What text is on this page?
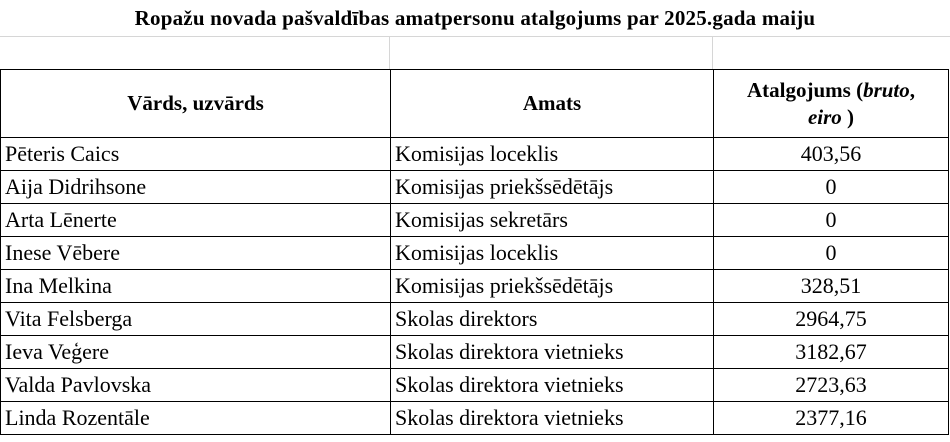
Ropažu novada pašvaldības amatpersonu atalgojums par 2025.gada maiju
Vārds, uzvārds	Amats	Atalgojums (bruto,
eiro )
Pēteris Caics	Komisijas loceklis	403,56
Aija Didrihsone	Komisijas priekšsēdētājs	0
Arta Lēnerte	Komisijas sekretārs	0
Inese Vēbere	Komisijas loceklis	0
Ina Melkina	Komisijas priekšsēdētājs	328,51
Vita Felsberga	Skolas direktors	2964,75
Ieva Veģere	Skolas direktora vietnieks	3182,67
Valda Pavlovska	Skolas direktora vietnieks	2723,63
Linda Rozentāle	Skolas direktora vietnieks	2377,16
